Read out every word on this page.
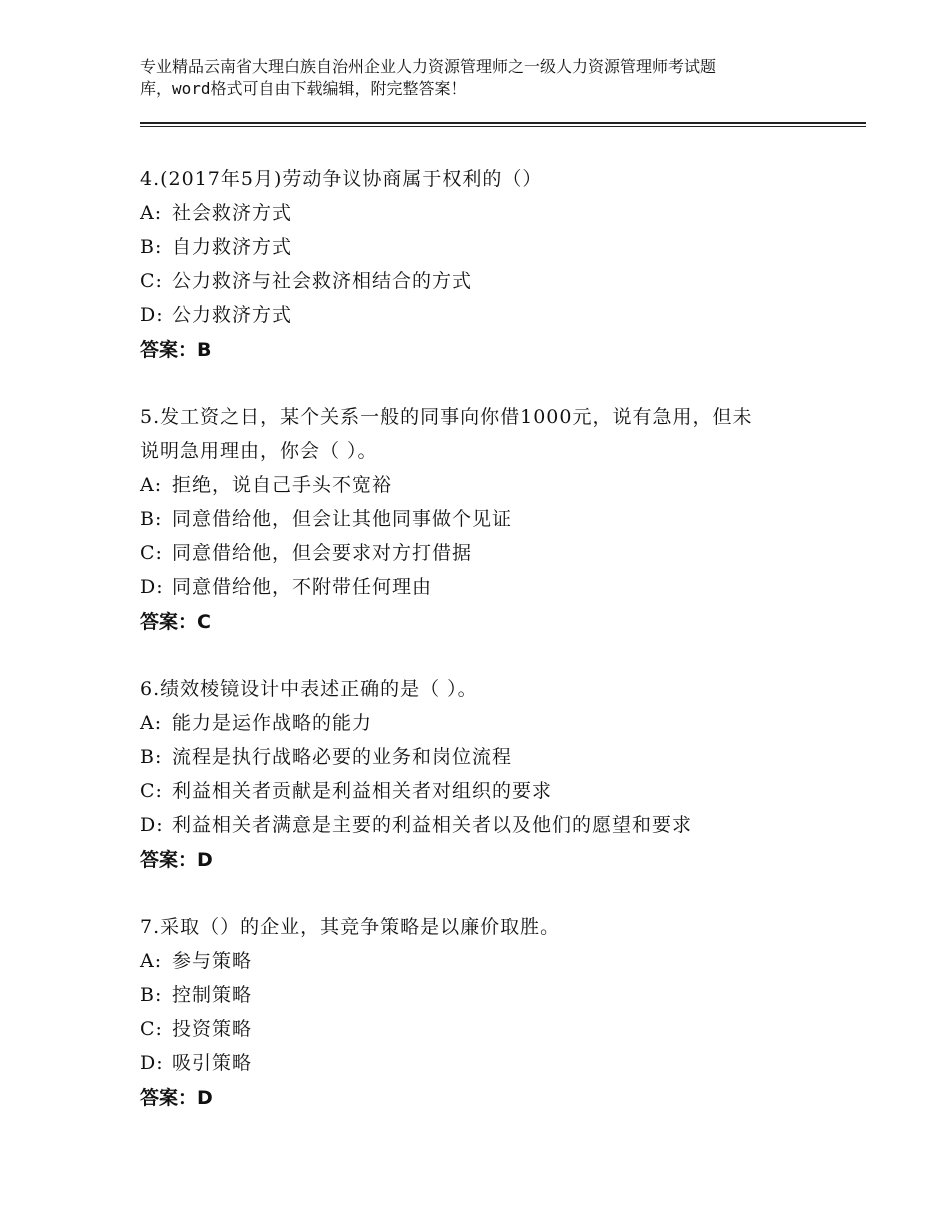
专业精品云南省大理白族自治州企业人力资源管理师之一级人力资源管理师考试题
库，word格式可自由下载编辑，附完整答案！
4.(2017年5月)劳动争议协商属于权利的（）
A: 社会救济方式
B: 自力救济方式
C: 公力救济与社会救济相结合的方式
D: 公力救济方式
答案：B
5.发工资之日，某个关系一般的同事向你借1000元，说有急用，但未
说明急用理由，你会（ ）。
A: 拒绝，说自己手头不宽裕
B: 同意借给他，但会让其他同事做个见证
C: 同意借给他，但会要求对方打借据
D: 同意借给他，不附带任何理由
答案：C
6.绩效棱镜设计中表述正确的是（ ）。
A: 能力是运作战略的能力
B: 流程是执行战略必要的业务和岗位流程
C: 利益相关者贡献是利益相关者对组织的要求
D: 利益相关者满意是主要的利益相关者以及他们的愿望和要求
答案：D
7.采取（）的企业，其竞争策略是以廉价取胜。
A: 参与策略
B: 控制策略
C: 投资策略
D: 吸引策略
答案：D
